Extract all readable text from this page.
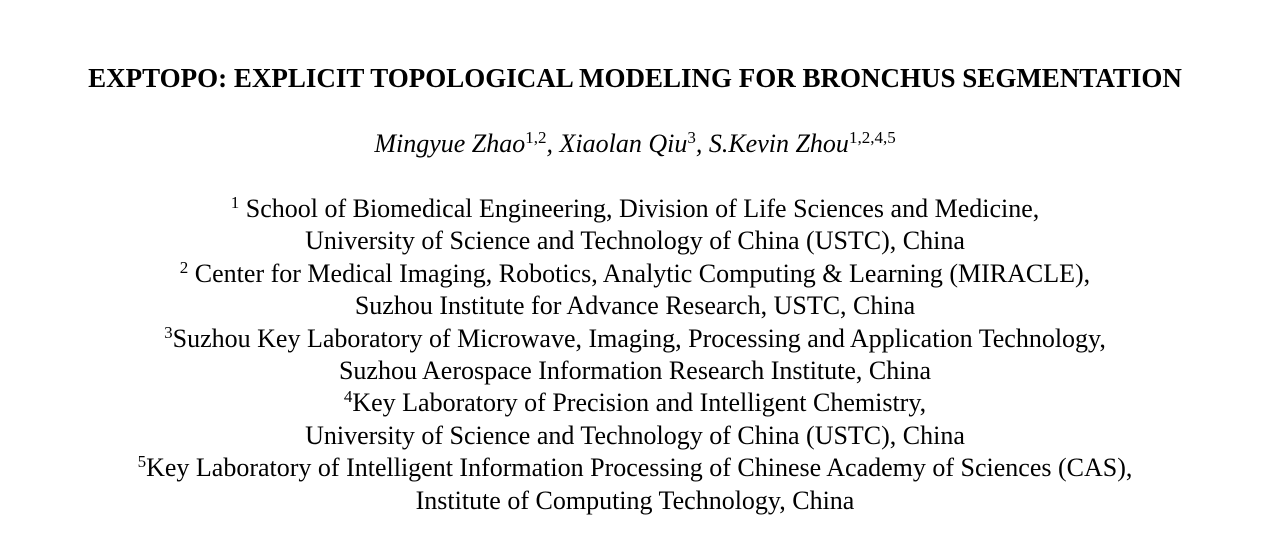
EXPTOPO: EXPLICIT TOPOLOGICAL MODELING FOR BRONCHUS SEGMENTATION
Mingyue Zhao$^{1,2}$, Xiaolan Qiu$^3$, S.Kevin Zhou$^{1,2,4,5}$
$^1$ School of Biomedical Engineering, Division of Life Sciences and Medicine,
University of Science and Technology of China (USTC), China
$^2$ Center for Medical Imaging, Robotics, Analytic Computing & Learning (MIRACLE),
Suzhou Institute for Advance Research, USTC, China
$^3$Suzhou Key Laboratory of Microwave, Imaging, Processing and Application Technology,
Suzhou Aerospace Information Research Institute, China
$^4$Key Laboratory of Precision and Intelligent Chemistry,
University of Science and Technology of China (USTC), China
$^5$Key Laboratory of Intelligent Information Processing of Chinese Academy of Sciences (CAS),
Institute of Computing Technology, China
